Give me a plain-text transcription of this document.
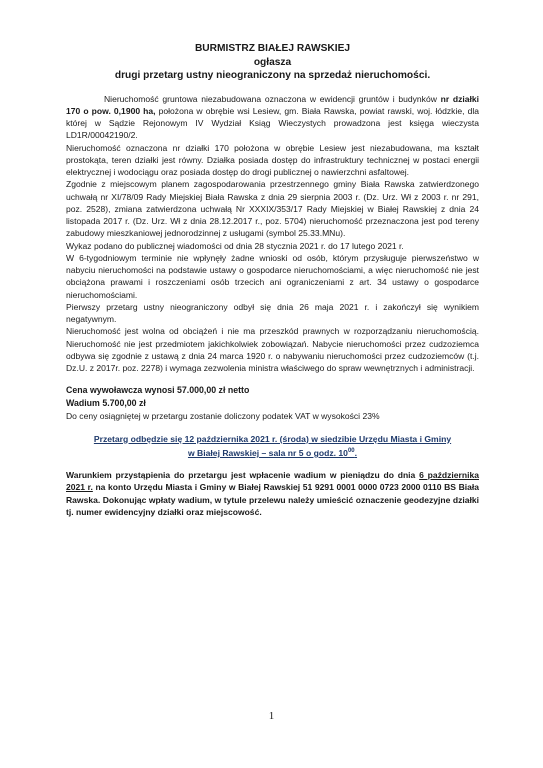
BURMISTRZ BIAŁEJ RAWSKIEJ
ogłasza
drugi przetarg ustny nieograniczony na sprzedaż nieruchomości.

Nieruchomość gruntowa niezabudowana oznaczona w ewidencji gruntów i budynków nr działki 170 o pow. 0,1900 ha, położona w obrębie wsi Lesiew, gm. Biała Rawska, powiat rawski, woj. łódzkie, dla której w Sądzie Rejonowym IV Wydział Ksiąg Wieczystych prowadzona jest księga wieczysta LD1R/00042190/2.

Nieruchomość oznaczona nr działki 170 położona w obrębie Lesiew jest niezabudowana, ma kształt prostokąta, teren działki jest równy. Działka posiada dostęp do infrastruktury technicznej w postaci energii elektrycznej i wodociągu oraz posiada dostęp do drogi publicznej o nawierzchni asfaltowej.

Zgodnie z miejscowym planem zagospodarowania przestrzennego gminy Biała Rawska zatwierdzonego uchwałą nr XI/78/09 Rady Miejskiej Biała Rawska z dnia 29 sierpnia 2003 r. (Dz. Urz. Wł z 2003 r. nr 291, poz. 2528), zmiana zatwierdzona uchwałą Nr XXXIX/353/17 Rady Miejskiej w Białej Rawskiej z dnia 24 listopada 2017 r. (Dz. Urz. Wł z dnia 28.12.2017 r., poz. 5704) nieruchomość przeznaczona jest pod tereny zabudowy mieszkaniowej jednorodzinnej z usługami (symbol 25.33.MNu).

Wykaz podano do publicznej wiadomości od dnia 28 stycznia 2021 r. do 17 lutego 2021 r.

W 6-tygodniowym terminie nie wpłynęły żadne wnioski od osób, którym przysługuje pierwszeństwo w nabyciu nieruchomości na podstawie ustawy o gospodarce nieruchomościami, a więc nieruchomość nie jest obciążona prawami i roszczeniami osób trzecich ani ograniczeniami z art. 34 ustawy o gospodarce nieruchomościami.

Pierwszy przetarg ustny nieograniczony odbył się dnia 26 maja 2021 r. i zakończył się wynikiem negatywnym.

Nieruchomość jest wolna od obciążeń i nie ma przeszkód prawnych w rozporządzaniu nieruchomością. Nieruchomość nie jest przedmiotem jakichkolwiek zobowiązań. Nabycie nieruchomości przez cudzoziemca odbywa się zgodnie z ustawą z dnia 24 marca 1920 r. o nabywaniu nieruchomości przez cudzoziemców (t.j. Dz.U. z 2017r. poz. 2278) i wymaga zezwolenia ministra właściwego do spraw wewnętrznych i administracji.

Cena wywoławcza wynosi 57.000,00 zł netto
Wadium 5.700,00 zł
Do ceny osiągniętej w przetargu zostanie doliczony podatek VAT w wysokości 23%
Przetarg odbędzie się 12 października 2021 r. (środa) w siedzibie Urzędu Miasta i Gminy
w Białej Rawskiej – sala nr 5 o godz. $10^{00}$.

Warunkiem przystąpienia do przetargu jest wpłacenie wadium w pieniądzu do dnia 6 października 2021 r. na konto Urzędu Miasta i Gminy w Białej Rawskiej 51 9291 0001 0000 0723 2000 0110 BS Biała Rawska. Dokonując wpłaty wadium, w tytule przelewu należy umieścić oznaczenie geodezyjne działki tj. numer ewidencyjny działki oraz miejscowość.

1
